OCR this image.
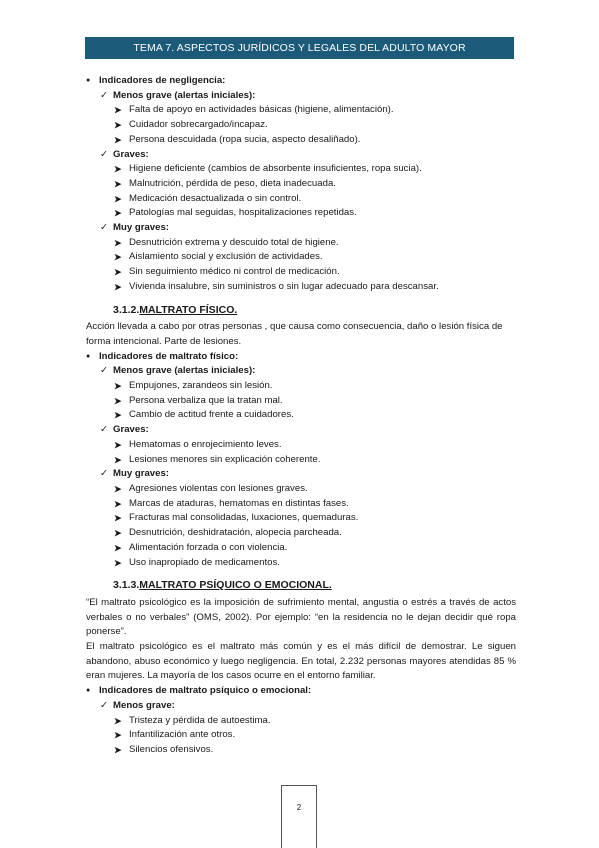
TEMA 7. ASPECTOS JURÍDICOS Y LEGALES DEL ADULTO MAYOR
● Indicadores de negligencia:
✓ Menos grave (alertas iniciales):
➤ Falta de apoyo en actividades básicas (higiene, alimentación).
➤ Cuidador sobrecargado/incapaz.
➤ Persona descuidada (ropa sucia, aspecto desaliñado).
✓ Graves:
➤ Higiene deficiente (cambios de absorbente insuficientes, ropa sucia).
➤ Malnutrición, pérdida de peso, dieta inadecuada.
➤ Medicación desactualizada o sin control.
➤ Patologías mal seguidas, hospitalizaciones repetidas.
✓ Muy graves:
➤ Desnutrición extrema y descuido total de higiene.
➤ Aislamiento social y exclusión de actividades.
➤ Sin seguimiento médico ni control de medicación.
➤ Vivienda insalubre, sin suministros o sin lugar adecuado para descansar.
3.1.2.MALTRATO FÍSICO.
Acción llevada a cabo por otras personas , que causa como consecuencia, daño o lesión física de
forma intencional. Parte de lesiones.
● Indicadores de maltrato físico:
✓ Menos grave (alertas iniciales):
➤ Empujones, zarandeos sin lesión.
➤ Persona verbaliza que la tratan mal.
➤ Cambio de actitud frente a cuidadores.
✓ Graves:
➤ Hematomas o enrojecimiento leves.
➤ Lesiones menores sin explicación coherente.
✓ Muy graves:
➤ Agresiones violentas con lesiones graves.
➤ Marcas de ataduras, hematomas en distintas fases.
➤ Fracturas mal consolidadas, luxaciones, quemaduras.
➤ Desnutrición, deshidratación, alopecia parcheada.
➤ Alimentación forzada o con violencia.
➤ Uso inapropiado de medicamentos.
3.1.3.MALTRATO PSÍQUICO O EMOCIONAL.
“El maltrato psicológico es la imposición de sufrimiento mental, angustia o estrés a través de actos verbales o no verbales” (OMS, 2002). Por ejemplo: “en la residencia no le dejan decidir qué ropa ponerse”.
El maltrato psicológico es el maltrato más común y es el más difícil de demostrar. Le siguen abandono, abuso económico y luego negligencia. En total, 2.232 personas mayores atendidas 85 % eran mujeres. La mayoría de los casos ocurre en el entorno familiar.
● Indicadores de maltrato psíquico o emocional:
✓ Menos grave:
➤ Tristeza y pérdida de autoestima.
➤ Infantilización ante otros.
➤ Silencios ofensivos.
2
